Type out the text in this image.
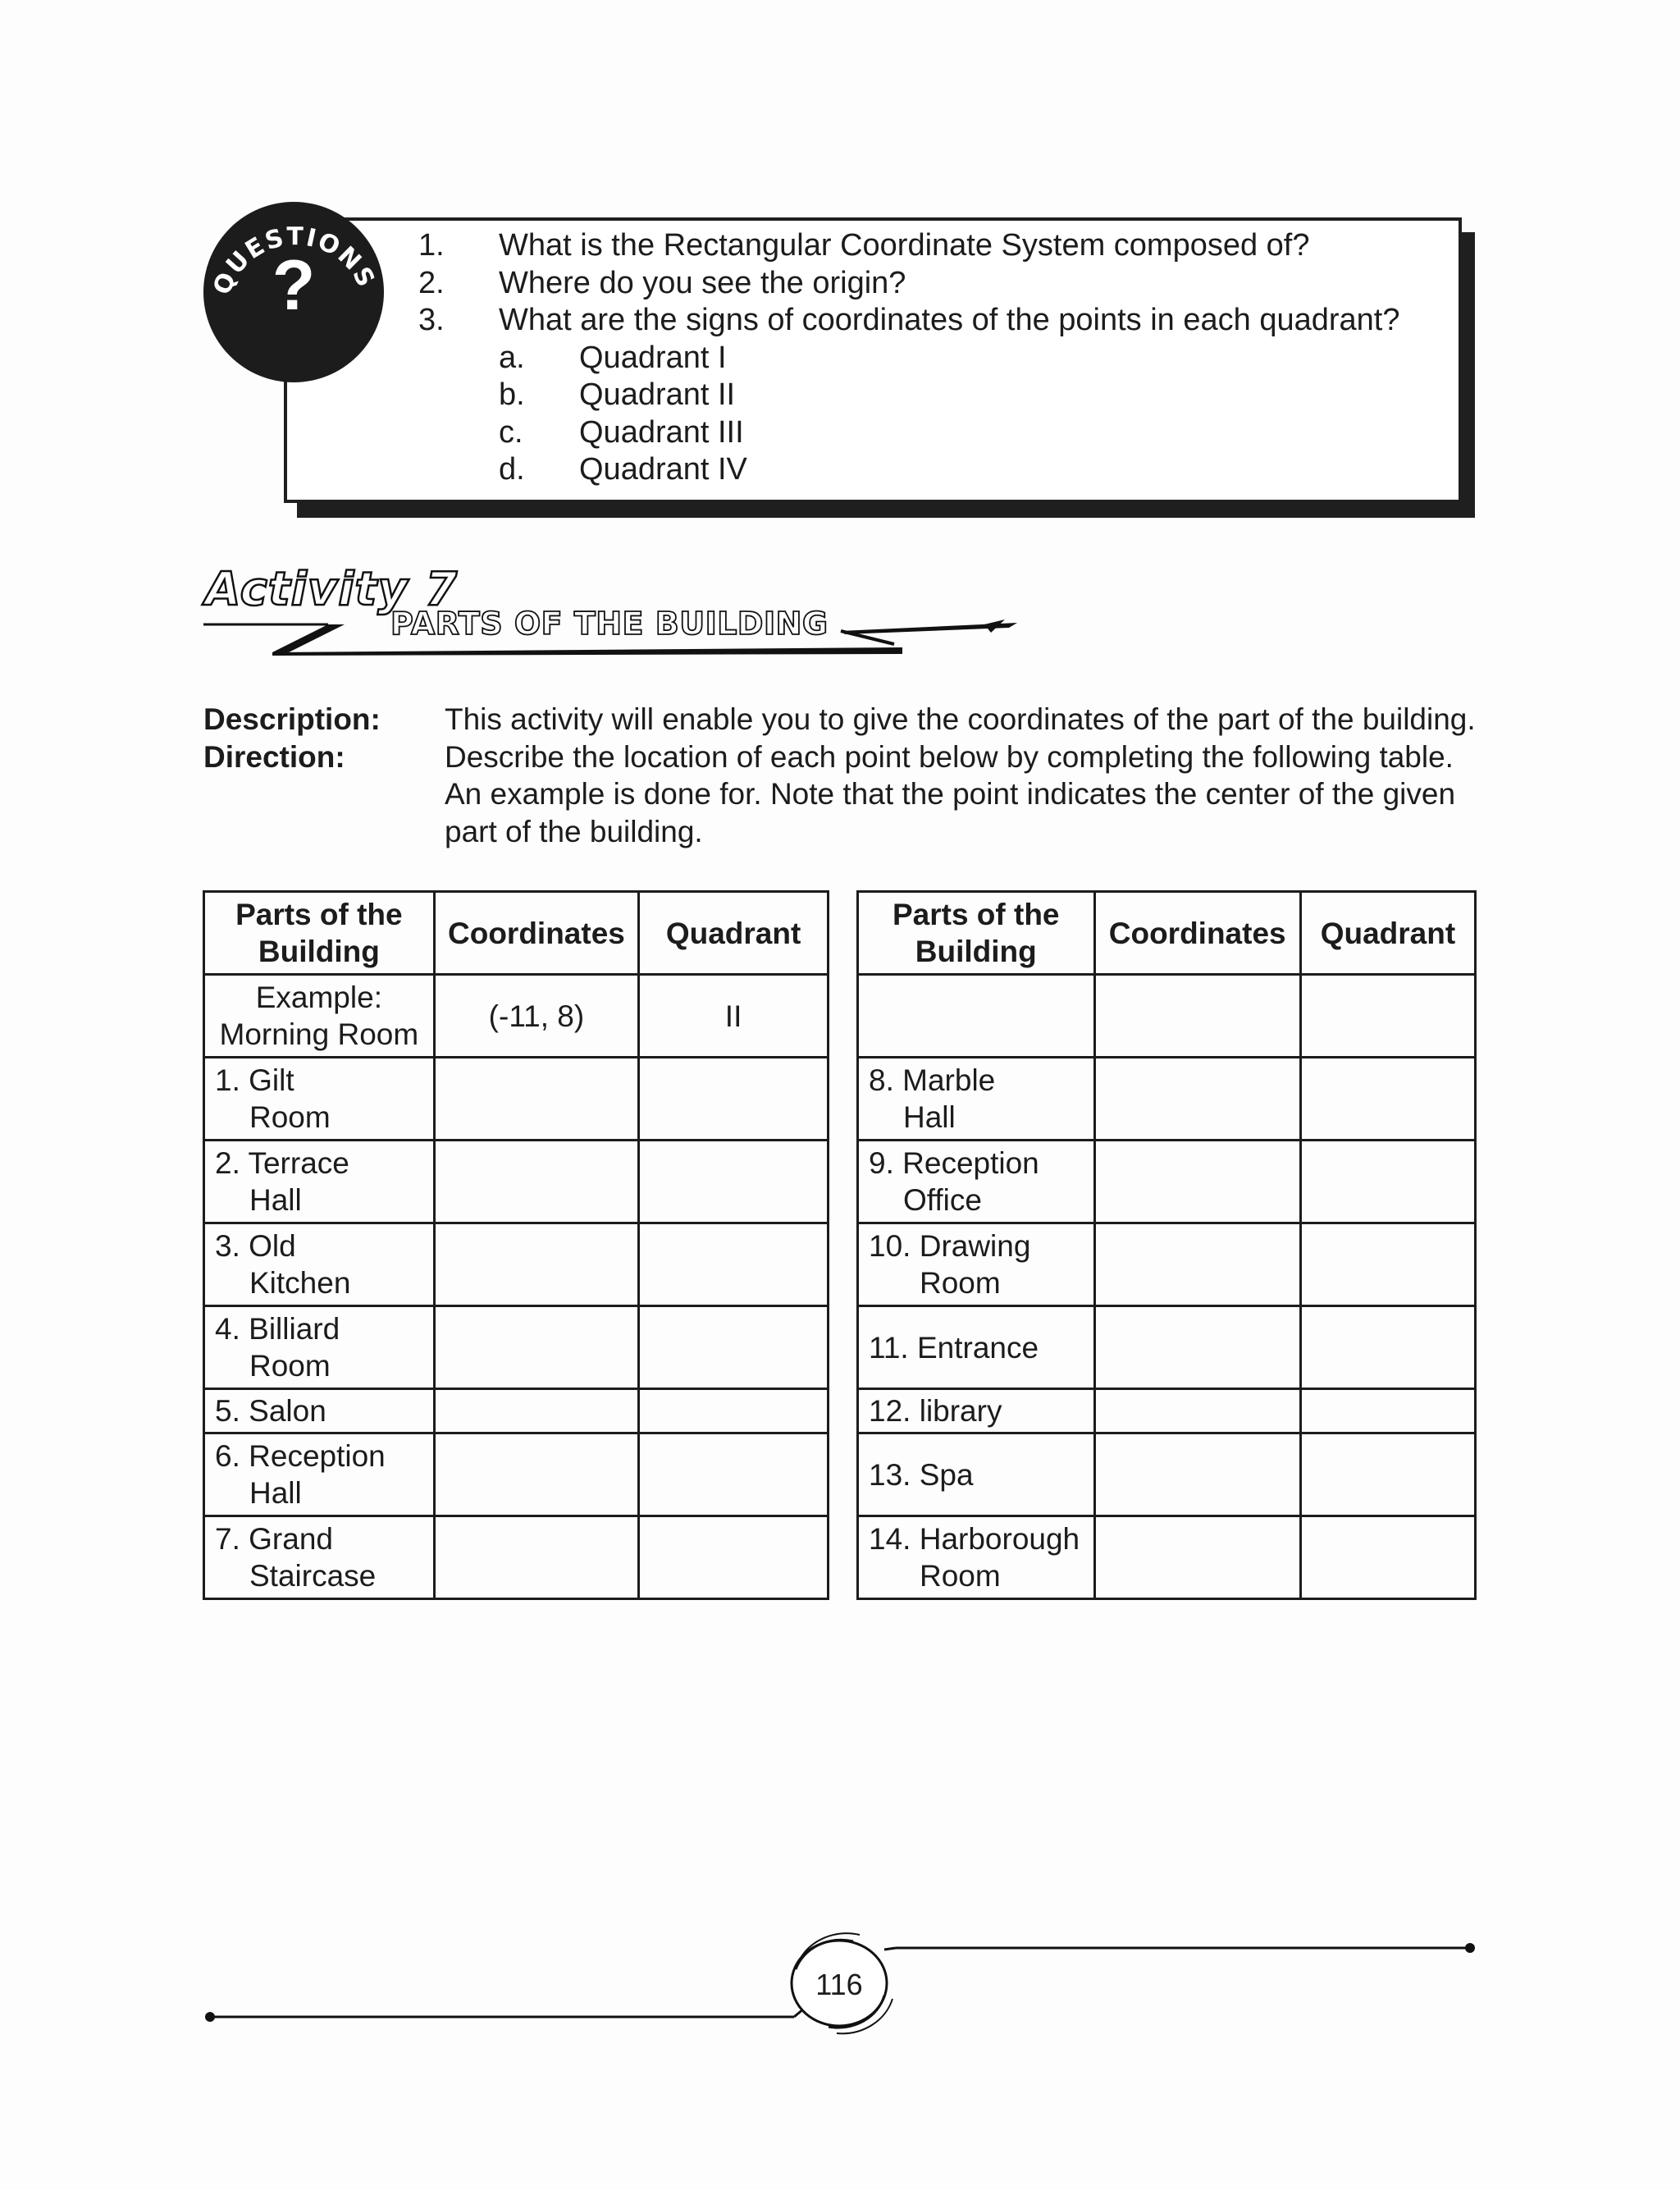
QUESTIONS
?
1.	What is the Rectangular Coordinate System composed of?
2.	Where do you see the origin?
3.	What are the signs of coordinates of the points in each quadrant?
a.	Quadrant I
b.	Quadrant II
c.	Quadrant III
d.	Quadrant IV
Activity 7
PARTS OF THE BUILDING
Description:
Direction:
This activity will enable you to give the coordinates of the part of the building.
Describe the location of each point below by completing the following table.
An example is done for. Note that the point indicates the center of the given
part of the building.
Parts of the
Building	Coordinates	Quadrant

Example:
Morning Room	(-11, 8)	II

1. Gilt
Room		

2. Terrace
Hall		

3. Old
Kitchen		

4. Billiard
Room		

5. Salon		

6. Reception
Hall		

7. Grand
Staircase		

Parts of the
Building	Coordinates	Quadrant

8. Marble
Hall		

9. Reception
Office		

10. Drawing
Room		

11. Entrance		

12. library		

13. Spa		

14. Harborough
Room		

116
